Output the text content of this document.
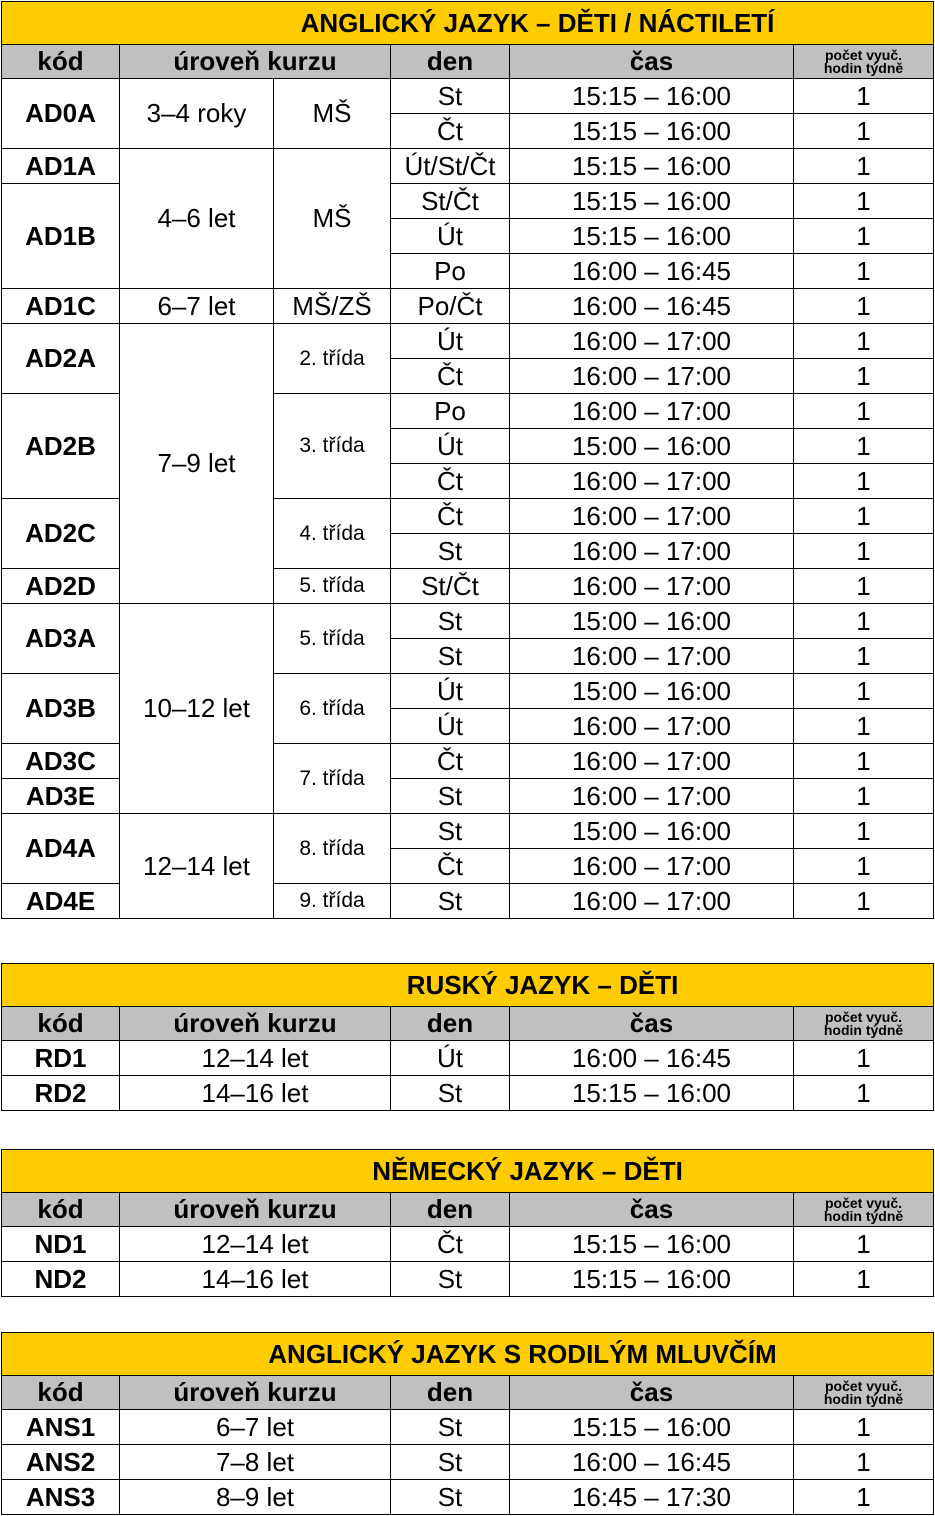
ANGLICKÝ JAZYK – DĚTI / NÁCTILETÍ					
kód	úroveň kurzu		den	čas	počet vyuč.
hodin týdně
AD0A	3–4 roky	MŠ	St	15:15 – 16:00	1
			Čt	15:15 – 16:00	1
AD1A	4–6 let	MŠ	Út/St/Čt	15:15 – 16:00	1
AD1B			St/Čt	15:15 – 16:00	1
			Út	15:15 – 16:00	1
			Po	16:00 – 16:45	1
AD1C	6–7 let	MŠ/ZŠ	Po/Čt	16:00 – 16:45	1
AD2A	7–9 let	2. třída	Út	16:00 – 17:00	1
			Čt	16:00 – 17:00	1
AD2B		3. třída	Po	16:00 – 17:00	1
			Út	15:00 – 16:00	1
			Čt	16:00 – 17:00	1
AD2C		4. třída	Čt	16:00 – 17:00	1
			St	16:00 – 17:00	1
AD2D		5. třída	St/Čt	16:00 – 17:00	1
AD3A	10–12 let	5. třída	St	15:00 – 16:00	1
			St	16:00 – 17:00	1
AD3B		6. třída	Út	15:00 – 16:00	1
			Út	16:00 – 17:00	1
AD3C		7. třída	Čt	16:00 – 17:00	1
AD3E			St	16:00 – 17:00	1
AD4A	12–14 let	8. třída	St	15:00 – 16:00	1
			Čt	16:00 – 17:00	1
AD4E		9. třída	St	16:00 – 17:00	1
RUSKÝ JAZYK – DĚTI				
kód	úroveň kurzu	den	čas	počet vyuč.
hodin týdně
RD1	12–14 let	Út	16:00 – 16:45	1
RD2	14–16 let	St	15:15 – 16:00	1
NĚMECKÝ JAZYK – DĚTI				
kód	úroveň kurzu	den	čas	počet vyuč.
hodin týdně
ND1	12–14 let	Čt	15:15 – 16:00	1
ND2	14–16 let	St	15:15 – 16:00	1
ANGLICKÝ JAZYK S RODILÝM MLUVČÍM				
kód	úroveň kurzu	den	čas	počet vyuč.
hodin týdně
ANS1	6–7 let	St	15:15 – 16:00	1
ANS2	7–8 let	St	16:00 – 16:45	1
ANS3	8–9 let	St	16:45 – 17:30	1
